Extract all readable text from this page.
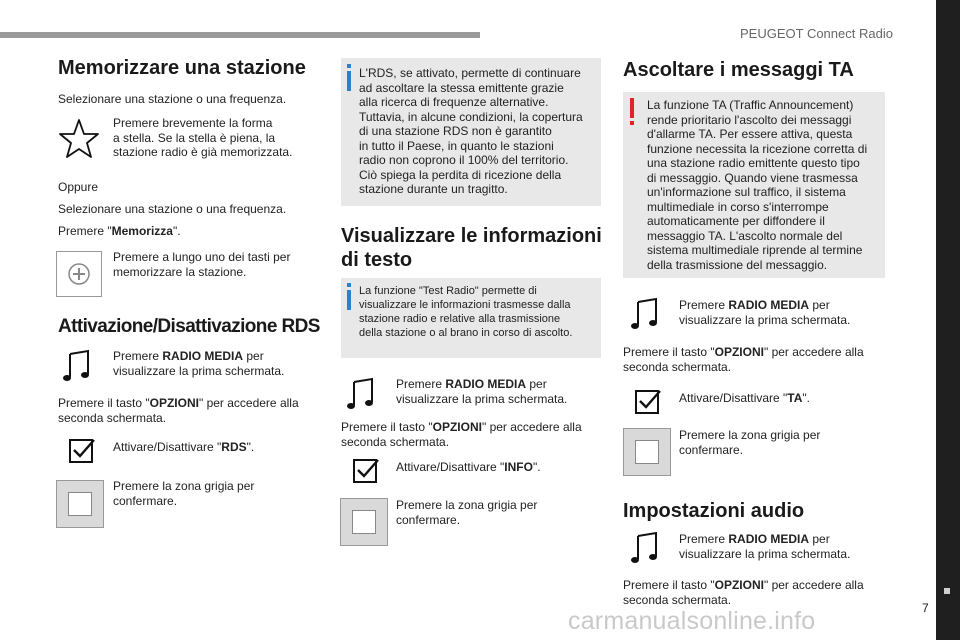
PEUGEOT Connect Radio
7
carmanualsonline.info
Memorizzare una stazione

Selezionare una stazione o una frequenza.

Premere brevemente la forma
a stella. Se la stella è piena, la
stazione radio è già memorizzata.

Oppure

Selezionare una stazione o una frequenza.

Premere "Memorizza".

Premere a lungo uno dei tasti per
memorizzare la stazione.
Attivazione/Disattivazione RDS
Premere RADIO MEDIA per
visualizzare la prima schermata.
Premere il tasto "OPZIONI" per accedere alla
seconda schermata.
Attivare/Disattivare "RDS".
Premere la zona grigia per
confermare.
L'RDS, se attivato, permette di continuare
ad ascoltare la stessa emittente grazie
alla ricerca di frequenze alternative.
Tuttavia, in alcune condizioni, la copertura
di una stazione RDS non è garantito
in tutto il Paese, in quanto le stazioni
radio non coprono il 100% del territorio.
Ciò spiega la perdita di ricezione della
stazione durante un tragitto.
Visualizzare le informazioni
di testo
La funzione "Test Radio" permette di
visualizzare le informazioni trasmesse dalla
stazione radio e relative alla trasmissione
della stazione o al brano in corso di ascolto.
Premere RADIO MEDIA per
visualizzare la prima schermata.
Premere il tasto "OPZIONI" per accedere alla
seconda schermata.
Attivare/Disattivare "INFO".
Premere la zona grigia per
confermare.
Ascoltare i messaggi TA
La funzione TA (Traffic Announcement)
rende prioritario l'ascolto dei messaggi
d'allarme TA. Per essere attiva, questa
funzione necessita la ricezione corretta di
una stazione radio emittente questo tipo
di messaggio. Quando viene trasmessa
un'informazione sul traffico, il sistema
multimediale in corso s'interrompe
automaticamente per diffondere il
messaggio TA. L'ascolto normale del
sistema multimediale riprende al termine
della trasmissione del messaggio.
Premere RADIO MEDIA per
visualizzare la prima schermata.
Premere il tasto "OPZIONI" per accedere alla
seconda schermata.
Attivare/Disattivare "TA".
Premere la zona grigia per
confermare.
Impostazioni audio
Premere RADIO MEDIA per
visualizzare la prima schermata.
Premere il tasto "OPZIONI" per accedere alla
seconda schermata.
